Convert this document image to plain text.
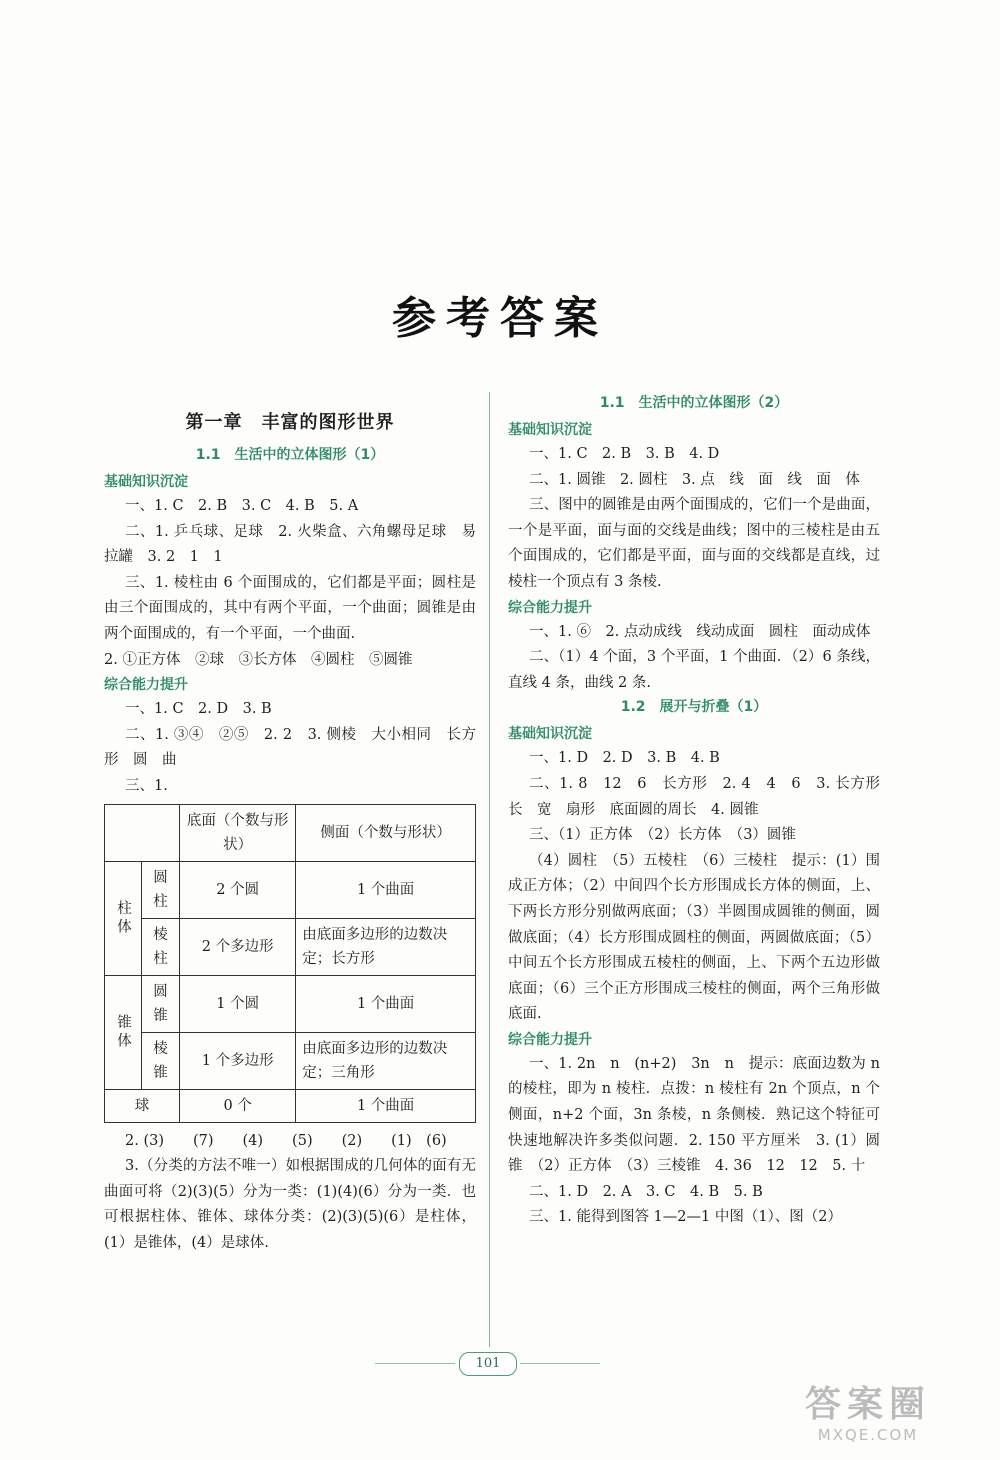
参考答案
第一章　丰富的图形世界
1.1　生活中的立体图形（1）
基础知识沉淀

一、1. C　2. B　3. C　4. B　5. A

二、1. 乒乓球、足球　2. 火柴盒、六角螺母足球　易拉罐　3. 2　1　1

三、1. 棱柱由 6 个面围成的，它们都是平面；圆柱是由三个面围成的，其中有两个平面，一个曲面；圆锥是由两个面围成的，有一个平面，一个曲面.

2. ①正方体　②球　③长方体　④圆柱　⑤圆锥

综合能力提升

一、1. C　2. D　3. B

二、1. ③④　②⑤　2. 2　3. 侧棱　大小相同　长方形　圆　曲

三、1.

		底面（个数与形状）	侧面（个数与形状）
柱体	圆柱	2 个圆	1 个曲面
	棱柱	2 个多边形	由底面多边形的边数决定；长方形
锥体	圆锥	1 个圆	1 个曲面
	棱锥	1 个多边形	由底面多边形的边数决定；三角形
球		0 个	1 个曲面

2. (3)　　(7)　　(4)　　(5)　　(2)　　(1)　(6)

3.（分类的方法不唯一）如根据围成的几何体的面有无曲面可将（2)(3)(5）分为一类：(1)(4)(6）分为一类．也可根据柱体、锥体、球体分类：(2)(3)(5)(6）是柱体，(1）是锥体，(4）是球体.

1.1　生活中的立体图形（2）
基础知识沉淀

一、1. C　2. B　3. B　4. D

二、1. 圆锥　2. 圆柱　3. 点　线　面　线　面　体

三、图中的圆锥是由两个面围成的，它们一个是曲面，一个是平面，面与面的交线是曲线；图中的三棱柱是由五个面围成的，它们都是平面，面与面的交线都是直线，过棱柱一个顶点有 3 条棱.

综合能力提升

一、1. ⑥　2. 点动成线　线动成面　圆柱　面动成体

二、（1）4 个面，3 个平面，1 个曲面．（2）6 条线，直线 4 条，曲线 2 条.

1.2　展开与折叠（1）
基础知识沉淀

一、1. D　2. D　3. B　4. B

二、1. 8　12　6　长方形　2. 4　4　6　3. 长方形　长　宽　扇形　底面圆的周长　4. 圆锥

三、（1）正方体　（2）长方体　（3）圆锥

（4）圆柱　（5）五棱柱　（6）三棱柱　提示：(1）围成正方体；（2）中间四个长方形围成长方体的侧面，上、下两长方形分别做两底面；（3）半圆围成圆锥的侧面，圆做底面；（4）长方形围成圆柱的侧面，两圆做底面；（5）中间五个长方形围成五棱柱的侧面，上、下两个五边形做底面；（6）三个正方形围成三棱柱的侧面，两个三角形做底面.

综合能力提升

一、1. 2n　n　(n+2)　3n　n　提示：底面边数为 n 的棱柱，即为 n 棱柱．点拨：n 棱柱有 2n 个顶点，n 个侧面，n+2 个面，3n 条棱，n 条侧棱．熟记这个特征可快速地解决许多类似问题．2. 150 平方厘米　3. (1）圆锥　（2）正方体　（3）三棱锥　4. 36　12　12　5. 十

二、1. D　2. A　3. C　4. B　5. B

三、1. 能得到图答 1—2—1 中图（1）、图（2）

101
答案圈
MXQE.COM
